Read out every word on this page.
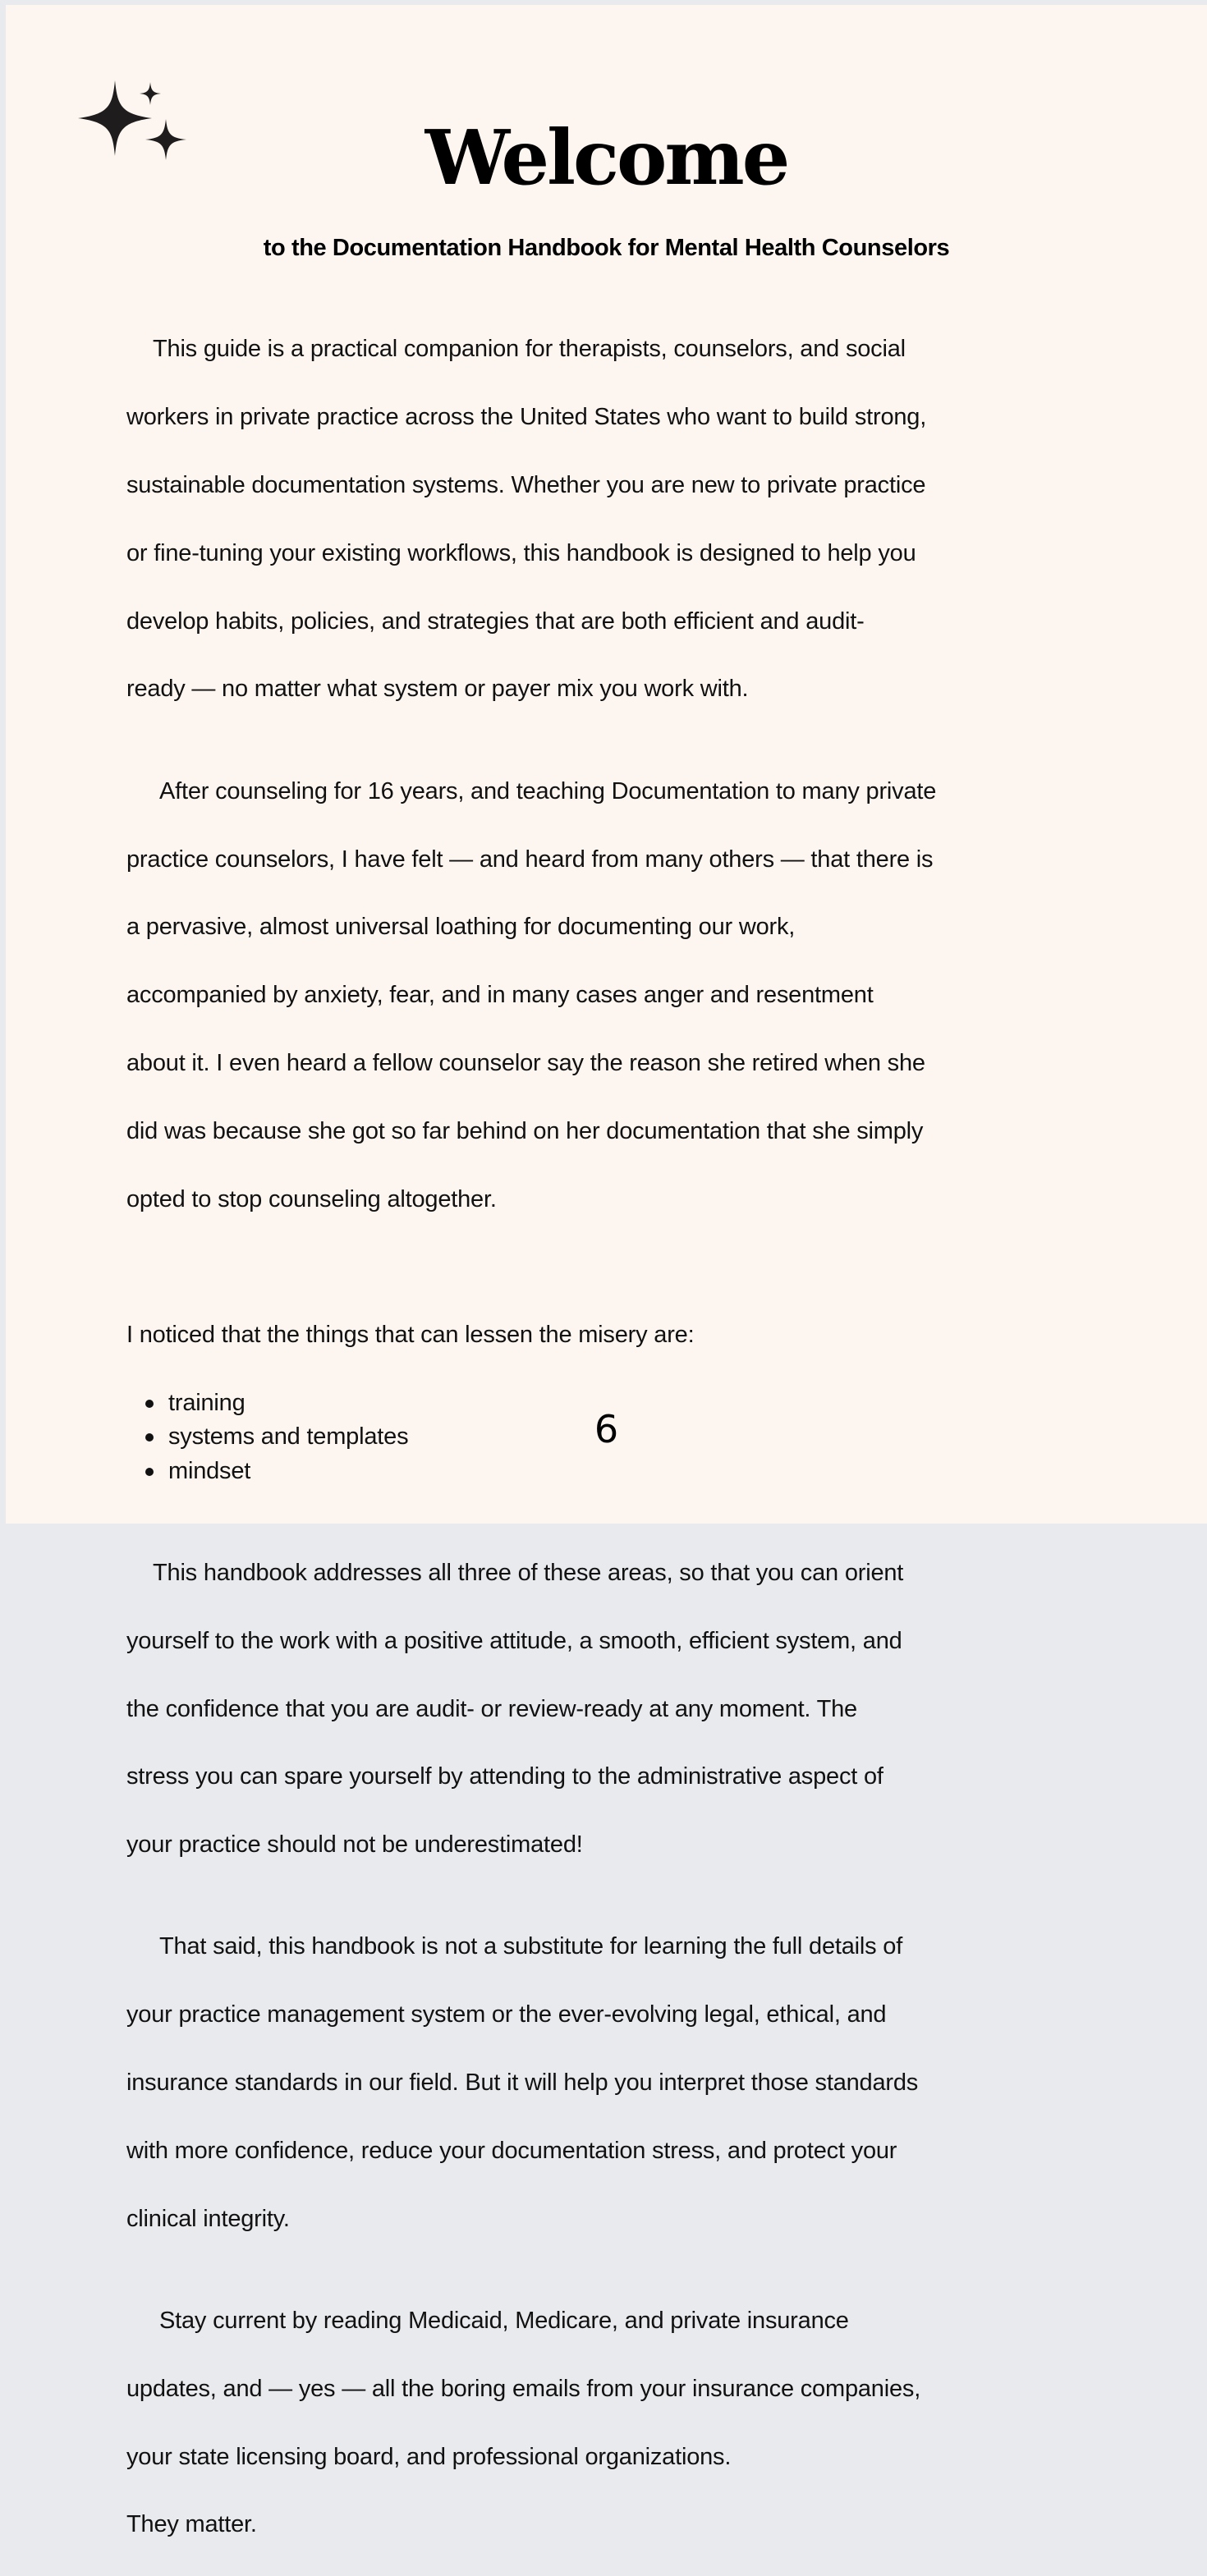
Welcome
to the Documentation Handbook for Mental Health Counselors

This guide is a practical companion for therapists, counselors, and social

workers in private practice across the United States who want to build strong,

sustainable documentation systems. Whether you are new to private practice

or fine-tuning your existing workflows, this handbook is designed to help you

develop habits, policies, and strategies that are both efficient and audit-

ready — no matter what system or payer mix you work with.

After counseling for 16 years, and teaching Documentation to many private

practice counselors, I have felt — and heard from many others — that there is

a pervasive, almost universal loathing for documenting our work,

accompanied by anxiety, fear, and in many cases anger and resentment

about it. I even heard a fellow counselor say the reason she retired when she

did was because she got so far behind on her documentation that she simply

opted to stop counseling altogether.

I noticed that the things that can lessen the misery are:

training
systems and templates
mindset

This handbook addresses all three of these areas, so that you can orient

yourself to the work with a positive attitude, a smooth, efficient system, and

the confidence that you are audit- or review-ready at any moment. The

stress you can spare yourself by attending to the administrative aspect of

your practice should not be underestimated!

That said, this handbook is not a substitute for learning the full details of

your practice management system or the ever-evolving legal, ethical, and

insurance standards in our field. But it will help you interpret those standards

with more confidence, reduce your documentation stress, and protect your

clinical integrity.

Stay current by reading Medicaid, Medicare, and private insurance

updates, and — yes — all the boring emails from your insurance companies,

your state licensing board, and professional organizations.

They matter.

6
